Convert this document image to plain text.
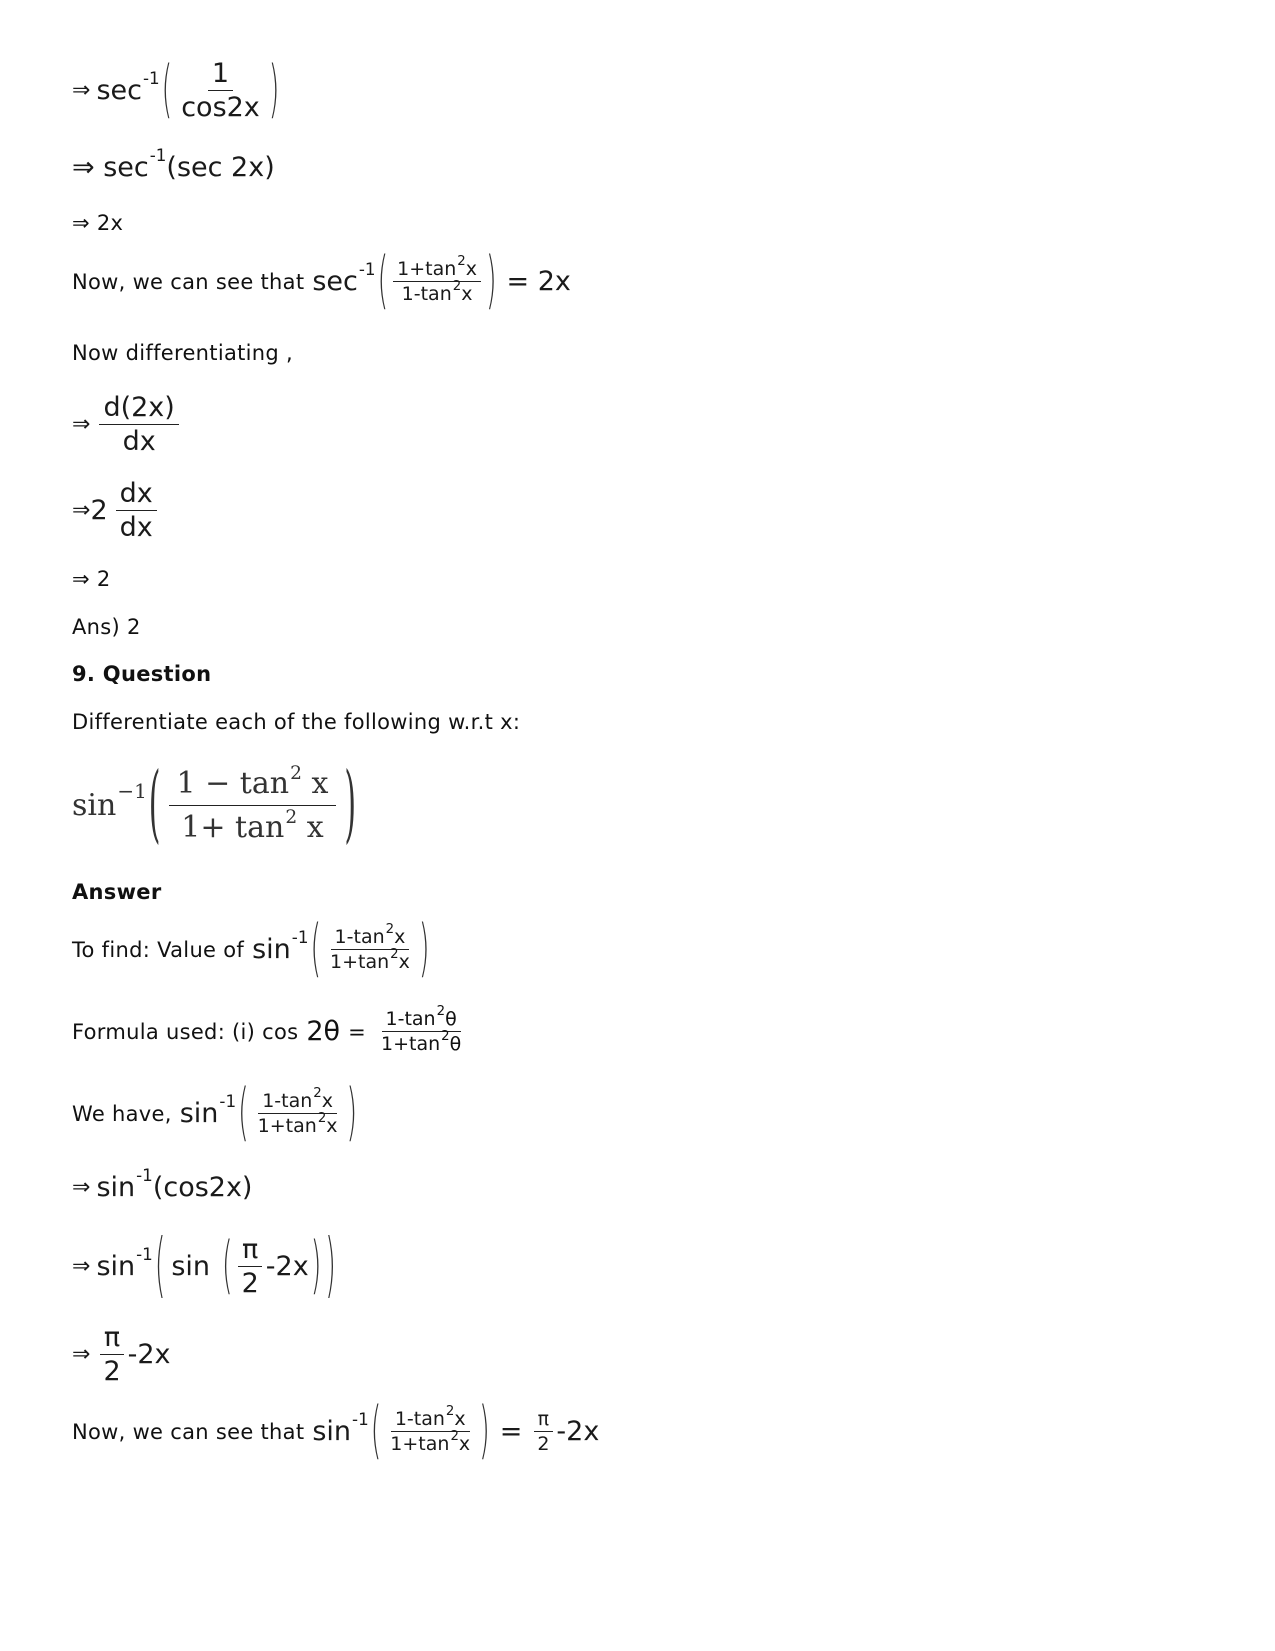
⇒ sec -1 ( $\frac{1}{\cos 2x}$ )
⇒ sec -1 (sec 2x)
⇒ 2x
Now, we can see that sec -1 ( $\frac{1+\tan^2x}{1-\tan^2x}$ ) = 2x
Now differentiating ,
⇒ $\frac{d(2x)}{dx}$
⇒ $2 \frac{dx}{dx}$
⇒ 2
Ans) 2
9. Question
Differentiate each of the following w.r.t x:
sin −1 ( $\frac{1 - \tan^2 x}{1+ \tan^2 x}$ )
Answer
To find: Value of sin -1 ( $\frac{1-\tan^2x}{1+\tan^2x}$ )
Formula used: (i) $\cos 2\theta = \frac{1-\tan^2\theta}{1+\tan^2\theta}$
We have, sin -1 ( $\frac{1-\tan^2x}{1+\tan^2x}$ )
⇒ sin -1 (cos2x)
⇒ sin -1 ( sin ( $\frac{\pi}{2} -2x$ ) )
⇒ $\frac{\pi}{2} -2x$
Now, we can see that sin -1 ( $\frac{1-\tan^2x}{1+\tan^2x}$ ) = $\frac{\pi}{2} -2x$
